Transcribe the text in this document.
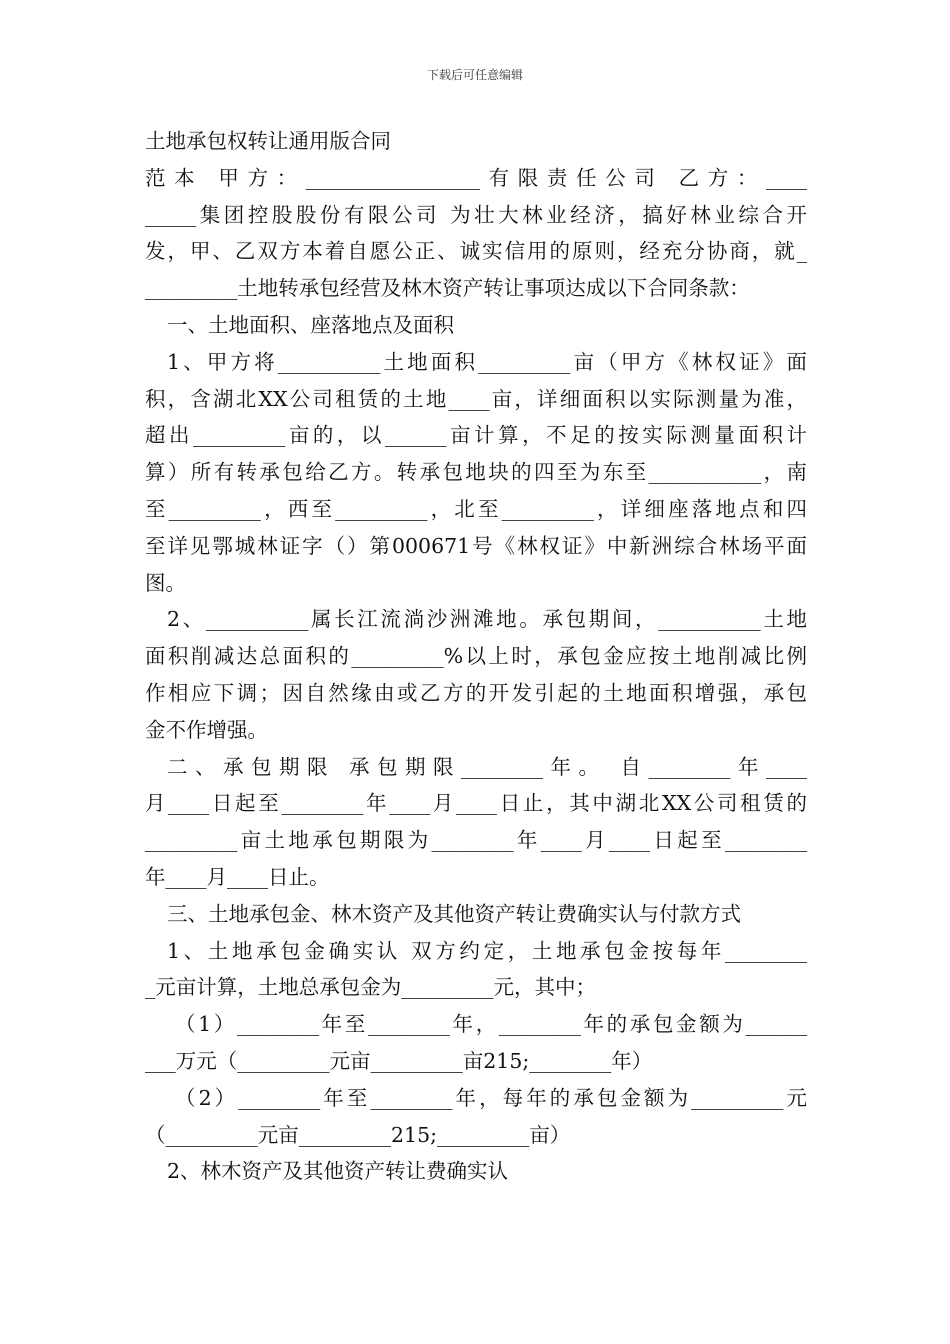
下载后可任意编辑
土地承包权转让通用版合同
范本 甲方：_________________有限责任公司 乙方：____
_____集团控股股份有限公司 为壮大林业经济，搞好林业综合开
发，甲、乙双方本着自愿公正、诚实信用的原则，经充分协商，就_
_________土地转承包经营及林木资产转让事项达成以下合同条款：
一、土地面积、座落地点及面积
1、甲方将__________土地面积_________亩（甲方《林权证》面
积，含湖北XX公司租赁的土地____亩，详细面积以实际测量为准，
超出_________亩的，以______亩计算，不足的按实际测量面积计
算）所有转承包给乙方。转承包地块的四至为东至___________，南
至_________，西至_________，北至_________，详细座落地点和四
至详见鄂城林证字（）第000671号《林权证》中新洲综合林场平面
图。
2、__________属长江流淌沙洲滩地。承包期间，__________土地
面积削减达总面积的_________%以上时，承包金应按土地削减比例
作相应下调；因自然缘由或乙方的开发引起的土地面积增强，承包
金不作增强。
二、承包期限 承包期限________年。 自________年____
月____日起至________年____月____日止，其中湖北XX公司租赁的
_________亩土地承包期限为________年____月____日起至________
年____月____日止。
三、土地承包金、林木资产及其他资产转让费确实认与付款方式
1、土地承包金确实认 双方约定，土地承包金按每年________
_元亩计算，土地总承包金为_________元，其中；
（1）________年至________年，________年的承包金额为______
___万元（_________元亩_________亩215;________年）
（2）________年至________年，每年的承包金额为_________元
（_________元亩_________215;_________亩）
2、林木资产及其他资产转让费确实认
